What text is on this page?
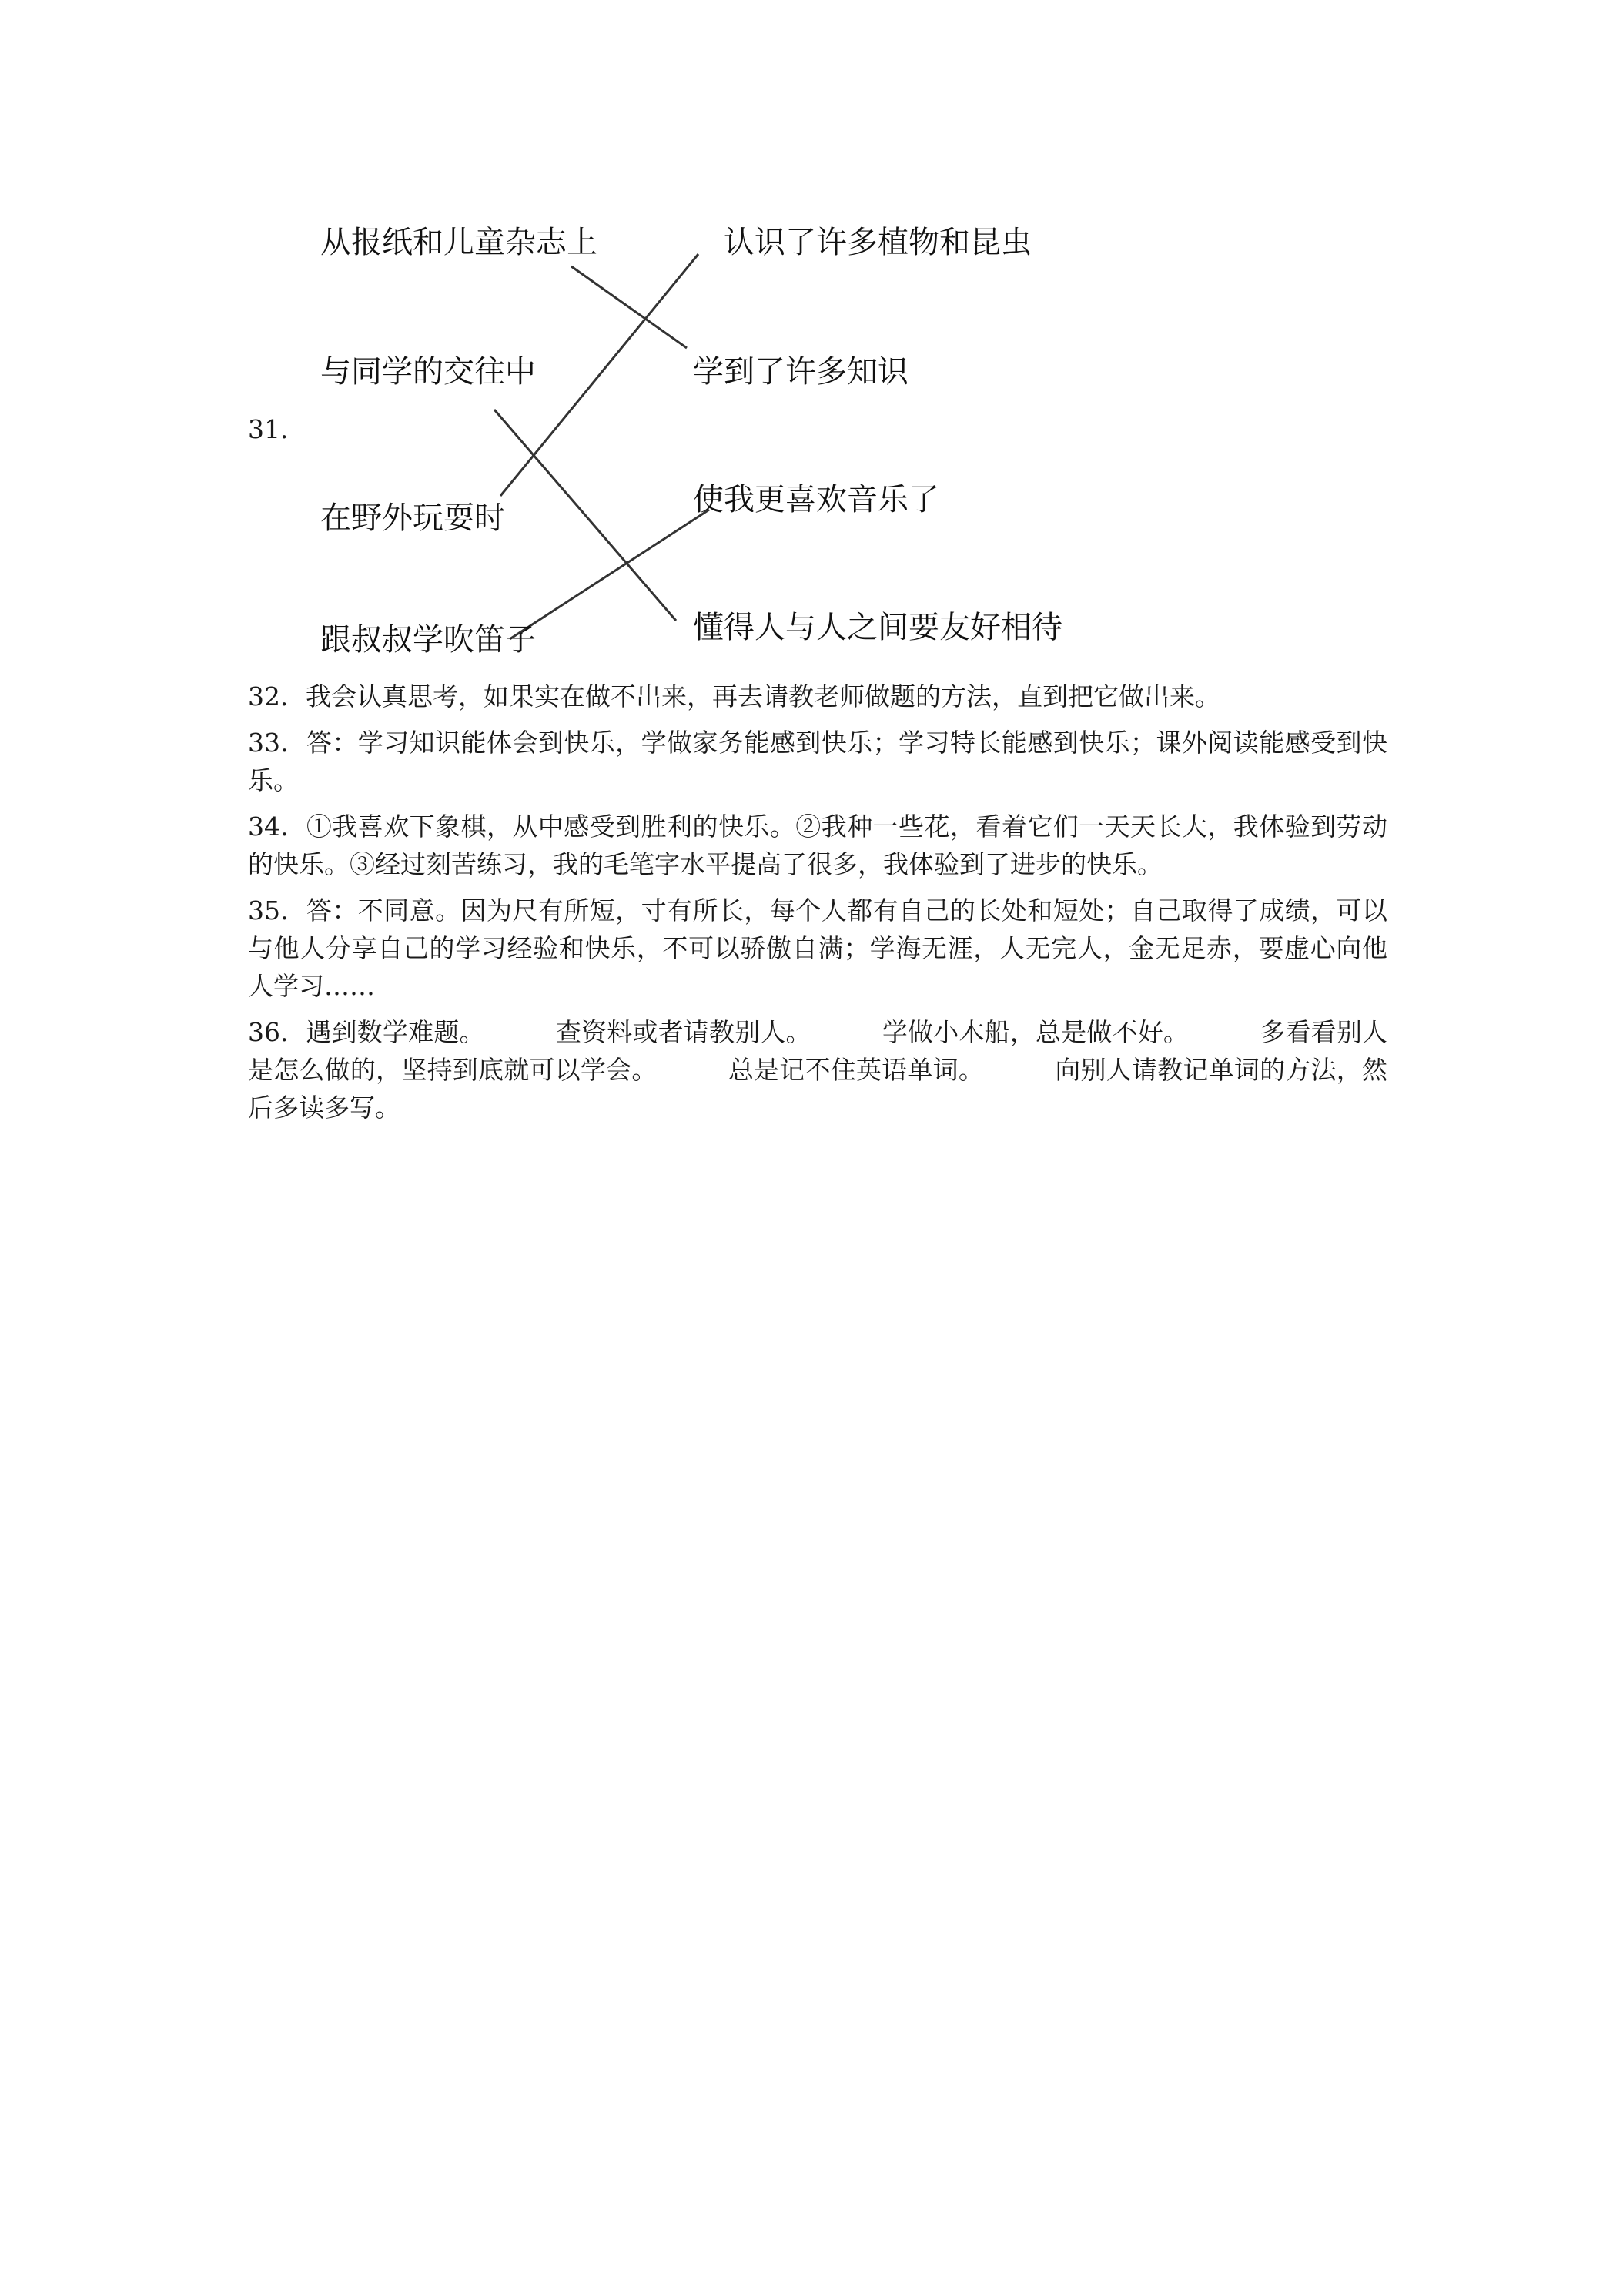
31．
从报纸和儿童杂志上
与同学的交往中
在野外玩耍时
跟叔叔学吹笛子
认识了许多植物和昆虫
学到了许多知识
使我更喜欢音乐了
懂得人与人之间要友好相待

32．我会认真思考，如果实在做不出来，再去请教老师做题的方法，直到把它做出来。

33．答：学习知识能体会到快乐，学做家务能感到快乐；学习特长能感到快乐；课外阅读能感受到快乐。

34．①我喜欢下象棋，从中感受到胜利的快乐。②我种一些花，看着它们一天天长大，我体验到劳动的快乐。③经过刻苦练习，我的毛笔字水平提高了很多，我体验到了进步的快乐。

35．答：不同意。因为尺有所短，寸有所长，每个人都有自己的长处和短处；自己取得了成绩，可以与他人分享自己的学习经验和快乐，不可以骄傲自满；学海无涯，人无完人，金无足赤，要虚心向他人学习……

36．遇到数学难题。	查资料或者请教别人。	学做小木船，总是做不好。	多看看别人是怎么做的，坚持到底就可以学会。	总是记不住英语单词。	向别人请教记单词的方法，然后多读多写。
